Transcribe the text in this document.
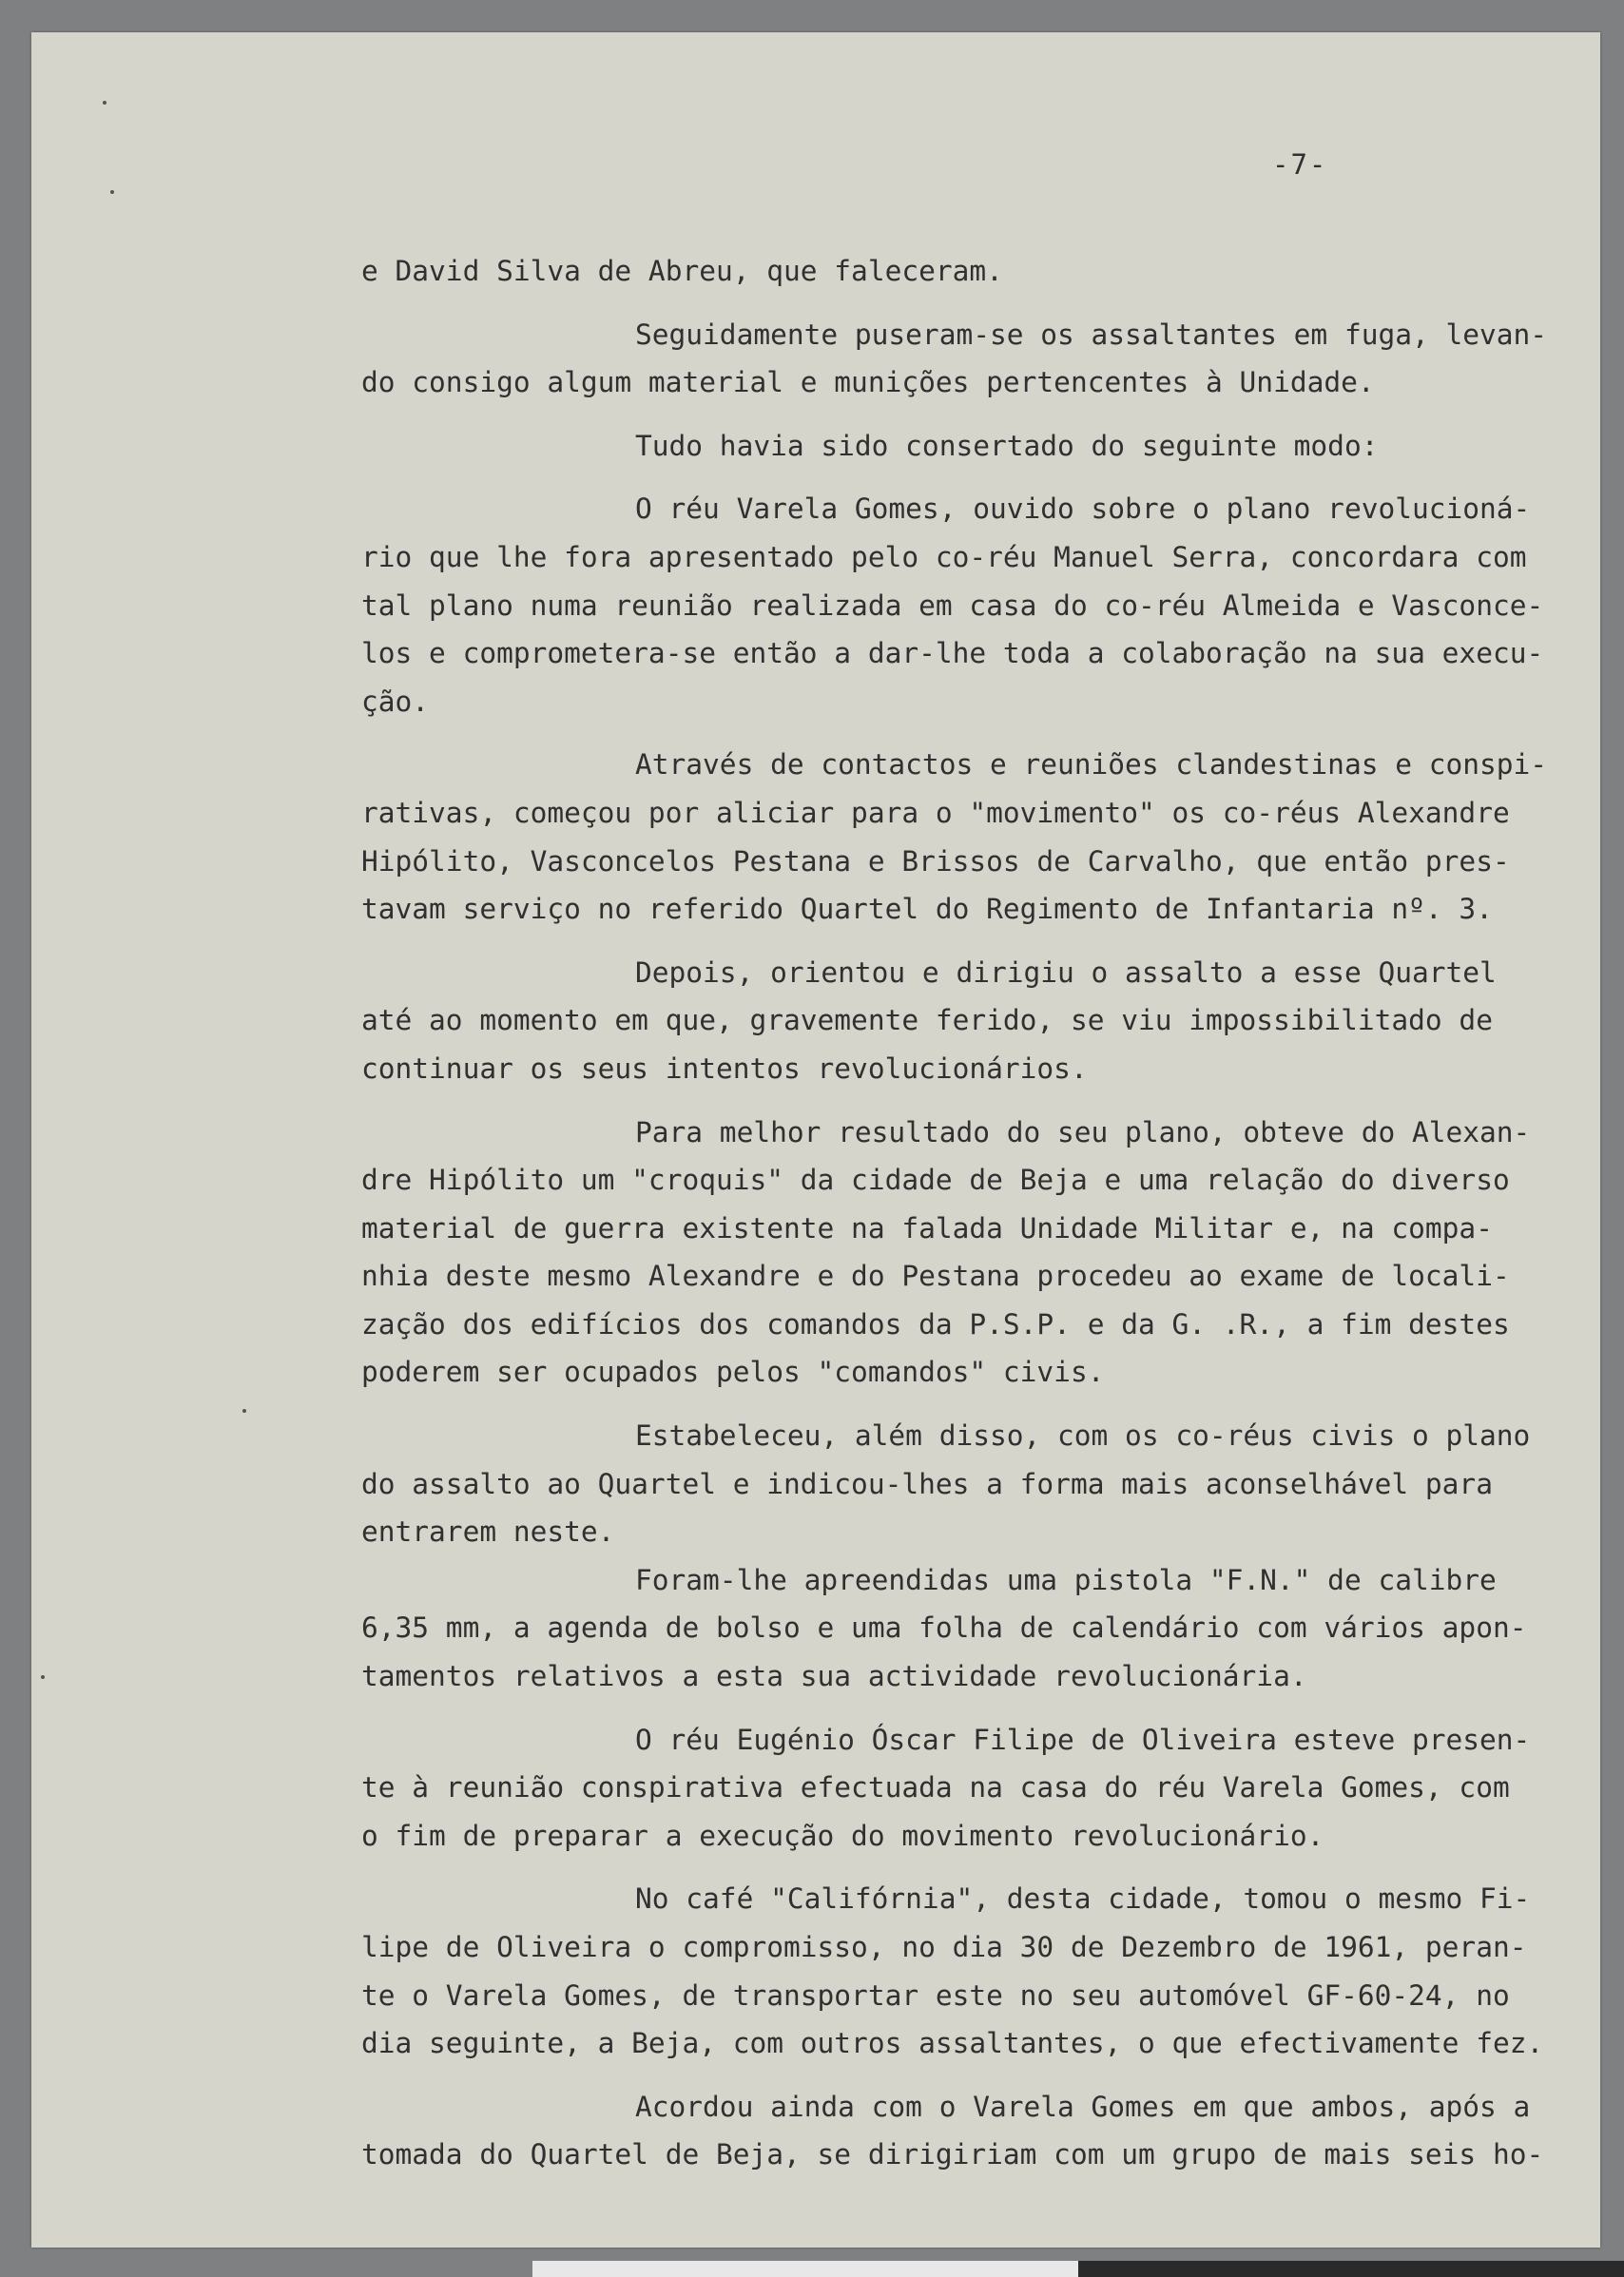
-7-
e David Silva de Abreu, que faleceram.
Seguidamente puseram-se os assaltantes em fuga, levan-
do consigo algum material e munições pertencentes à Unidade.
Tudo havia sido consertado do seguinte modo:
O réu Varela Gomes, ouvido sobre o plano revolucioná-
rio que lhe fora apresentado pelo co-réu Manuel Serra, concordara com
tal plano numa reunião realizada em casa do co-réu Almeida e Vasconce-
los e comprometera-se então a dar-lhe toda a colaboração na sua execu-
ção.
Através de contactos e reuniões clandestinas e conspi-
rativas, começou por aliciar para o "movimento" os co-réus Alexandre
Hipólito, Vasconcelos Pestana e Brissos de Carvalho, que então pres-
tavam serviço no referido Quartel do Regimento de Infantaria nº. 3.
Depois, orientou e dirigiu o assalto a esse Quartel
até ao momento em que, gravemente ferido, se viu impossibilitado de
continuar os seus intentos revolucionários.
Para melhor resultado do seu plano, obteve do Alexan-
dre Hipólito um "croquis" da cidade de Beja e uma relação do diverso
material de guerra existente na falada Unidade Militar e, na compa-
nhia deste mesmo Alexandre e do Pestana procedeu ao exame de locali-
zação dos edifícios dos comandos da P.S.P. e da G. .R., a fim destes
poderem ser ocupados pelos "comandos" civis.
Estabeleceu, além disso, com os co-réus civis o plano
do assalto ao Quartel e indicou-lhes a forma mais aconselhável para
entrarem neste.
Foram-lhe apreendidas uma pistola "F.N." de calibre
6,35 mm, a agenda de bolso e uma folha de calendário com vários apon-
tamentos relativos a esta sua actividade revolucionária.
O réu Eugénio Óscar Filipe de Oliveira esteve presen-
te à reunião conspirativa efectuada na casa do réu Varela Gomes, com
o fim de preparar a execução do movimento revolucionário.
No café "Califórnia", desta cidade, tomou o mesmo Fi-
lipe de Oliveira o compromisso, no dia 30 de Dezembro de 1961, peran-
te o Varela Gomes, de transportar este no seu automóvel GF-60-24, no
dia seguinte, a Beja, com outros assaltantes, o que efectivamente fez.
Acordou ainda com o Varela Gomes em que ambos, após a
tomada do Quartel de Beja, se dirigiriam com um grupo de mais seis ho-
